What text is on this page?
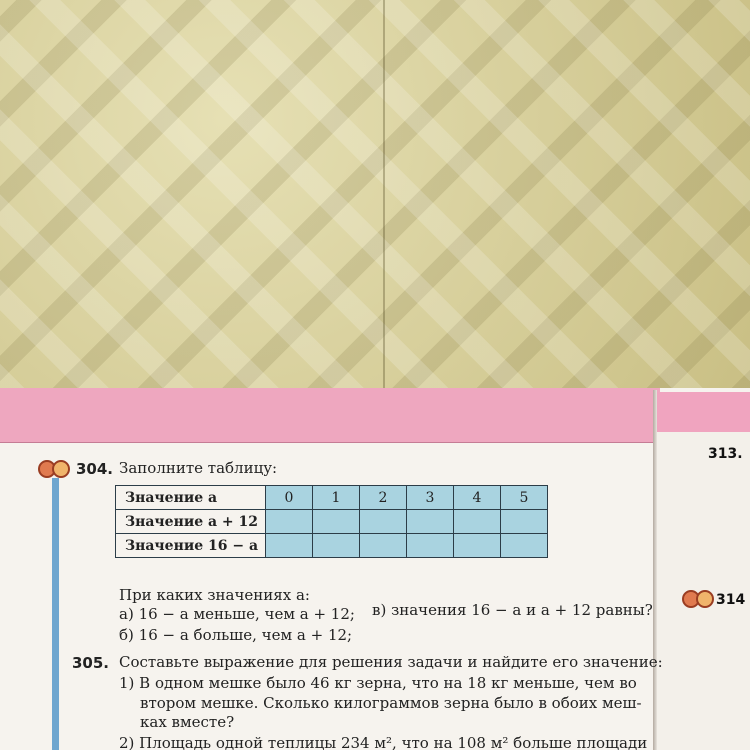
304. Заполните таблицу:
Значение a	0	1	2	3	4	5
Значение a + 12						
Значение 16 − a						
При каких значениях a:
а) 16 − a меньше, чем a + 12; в) значения 16 − a и a + 12 равны?
б) 16 − a больше, чем a + 12;
305. Составьте выражение для решения задачи и найдите его значение:
1) В одном мешке было 46 кг зерна, что на 18 кг меньше, чем во
втором мешке. Сколько килограммов зерна было в обоих меш-
ках вместе?
2) Площадь одной теплицы 234 м², что на 108 м² больше площади
313.
314
